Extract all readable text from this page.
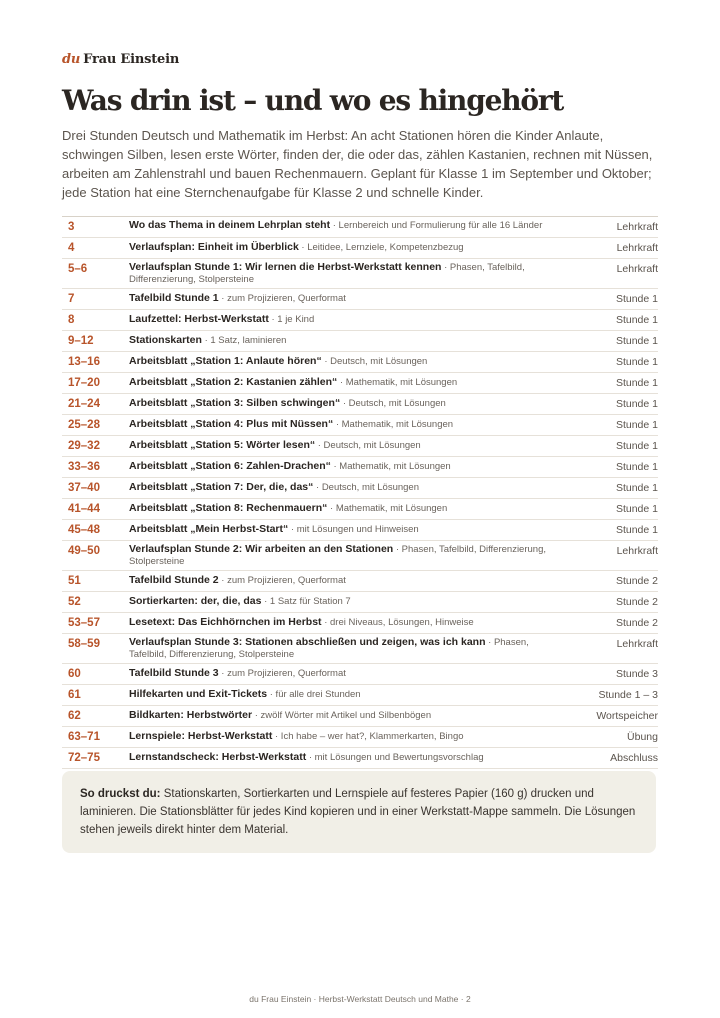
du Frau Einstein
Was drin ist – und wo es hingehört

Drei Stunden Deutsch und Mathematik im Herbst: An acht Stationen hören die Kinder Anlaute, schwingen Silben, lesen erste Wörter, finden der, die oder das, zählen Kastanien, rechnen mit Nüssen, arbeiten am Zahlenstrahl und bauen Rechenmauern. Geplant für Klasse 1 im September und Oktober; jede Station hat eine Sternchenaufgabe für Klasse 2 und schnelle Kinder.

3	Wo das Thema in deinem Lehrplan steht · Lernbereich und Formulierung für alle 16 Länder	Lehrkraft
4	Verlaufsplan: Einheit im Überblick · Leitidee, Lernziele, Kompetenzbezug	Lehrkraft
5–6	Verlaufsplan Stunde 1: Wir lernen die Herbst-Werkstatt kennen · Phasen, Tafelbild, Differenzierung, Stolpersteine	Lehrkraft
7	Tafelbild Stunde 1 · zum Projizieren, Querformat	Stunde 1
8	Laufzettel: Herbst-Werkstatt · 1 je Kind	Stunde 1
9–12	Stationskarten · 1 Satz, laminieren	Stunde 1
13–16	Arbeitsblatt „Station 1: Anlaute hören“ · Deutsch, mit Lösungen	Stunde 1
17–20	Arbeitsblatt „Station 2: Kastanien zählen“ · Mathematik, mit Lösungen	Stunde 1
21–24	Arbeitsblatt „Station 3: Silben schwingen“ · Deutsch, mit Lösungen	Stunde 1
25–28	Arbeitsblatt „Station 4: Plus mit Nüssen“ · Mathematik, mit Lösungen	Stunde 1
29–32	Arbeitsblatt „Station 5: Wörter lesen“ · Deutsch, mit Lösungen	Stunde 1
33–36	Arbeitsblatt „Station 6: Zahlen-Drachen“ · Mathematik, mit Lösungen	Stunde 1
37–40	Arbeitsblatt „Station 7: Der, die, das“ · Deutsch, mit Lösungen	Stunde 1
41–44	Arbeitsblatt „Station 8: Rechenmauern“ · Mathematik, mit Lösungen	Stunde 1
45–48	Arbeitsblatt „Mein Herbst-Start“ · mit Lösungen und Hinweisen	Stunde 1
49–50	Verlaufsplan Stunde 2: Wir arbeiten an den Stationen · Phasen, Tafelbild, Differenzierung, Stolpersteine	Lehrkraft
51	Tafelbild Stunde 2 · zum Projizieren, Querformat	Stunde 2
52	Sortierkarten: der, die, das · 1 Satz für Station 7	Stunde 2
53–57	Lesetext: Das Eichhörnchen im Herbst · drei Niveaus, Lösungen, Hinweise	Stunde 2
58–59	Verlaufsplan Stunde 3: Stationen abschließen und zeigen, was ich kann · Phasen, Tafelbild, Differenzierung, Stolpersteine	Lehrkraft
60	Tafelbild Stunde 3 · zum Projizieren, Querformat	Stunde 3
61	Hilfekarten und Exit-Tickets · für alle drei Stunden	Stunde 1 – 3
62	Bildkarten: Herbstwörter · zwölf Wörter mit Artikel und Silbenbögen	Wortspeicher
63–71	Lernspiele: Herbst-Werkstatt · Ich habe – wer hat?, Klammerkarten, Bingo	Übung
72–75	Lernstandscheck: Herbst-Werkstatt · mit Lösungen und Bewertungsvorschlag	Abschluss
So druckst du: Stationskarten, Sortierkarten und Lernspiele auf festeres Papier (160 g) drucken und laminieren. Die Stationsblätter für jedes Kind kopieren und in einer Werkstatt-Mappe sammeln. Die Lösungen stehen jeweils direkt hinter dem Material.
du Frau Einstein · Herbst-Werkstatt Deutsch und Mathe · 2
